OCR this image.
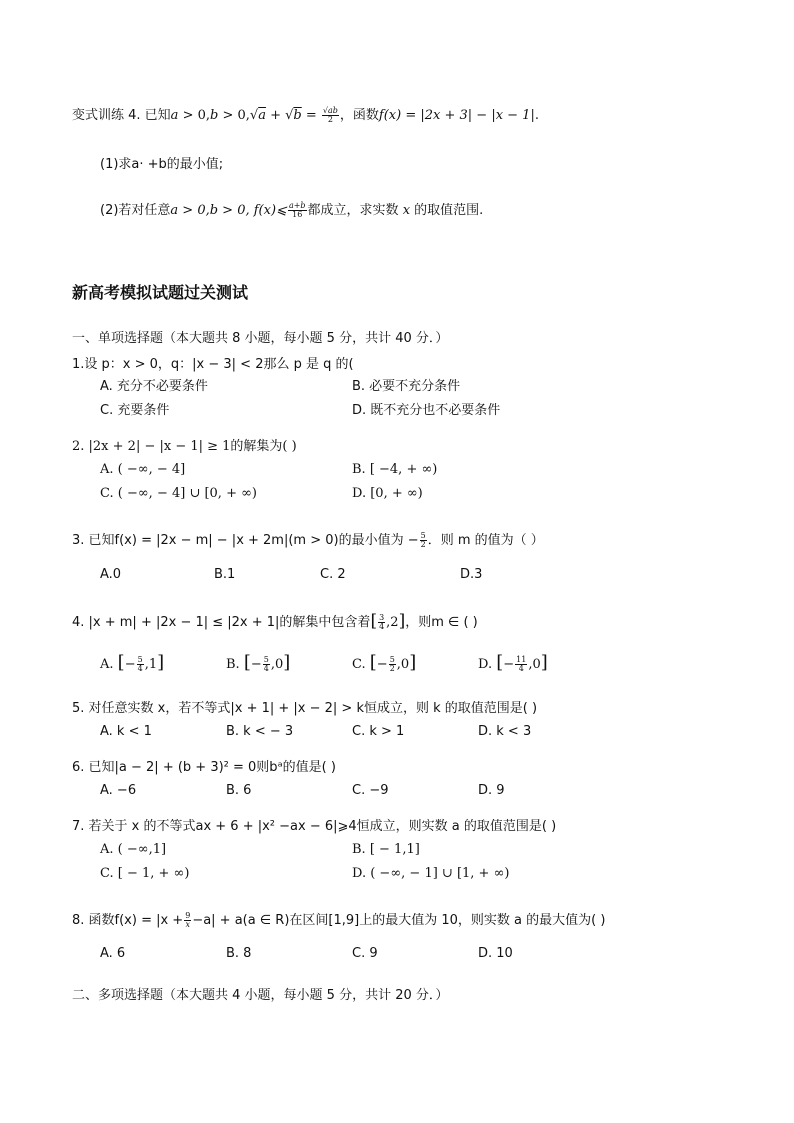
变式训练 4. 已知$a > 0,b > 0,√a + √b = \frac{√ab}{2}$ ，函数f(x) = |2x + 3| − |x − 1|.
(1)求a· +b的最小值;
(2)若对任意a > 0,b > 0, f(x)⩽ $\frac{a+b}{16}$ 都成立，求实数 x 的取值范围.
新高考模拟试题过关测试
一、单项选择题（本大题共 8 小题，每小题 5 分，共计 40 分．）
1.设 p：x > 0，q：|x − 3| < 2那么 p 是 q 的(
A. 充分不必要条件	B. 必要不充分条件
C. 充要条件	D. 既不充分也不必要条件
2. |2x + 2| − |x − 1| ≥ 1的解集为( )
A. ( −∞, − 4]	B. [ −4, + ∞)
C. ( −∞, − 4] ∪ [0, + ∞)	D. [0, + ∞)
3. 已知f(x) = |2x − m| − |x + 2m|(m > 0)的最小值为 − $\frac{5}{2}$ ．则 m 的值为（ ）
A.0	B.1	C. 2	D.3
4. |x + m| + |2x − 1| ≤ |2x + 1|的解集中包含着[ $\frac{3}{4} ,2$]，则m ∈ ( )
A. [− $\frac{5}{4} ,1$]	B. [− $\frac{5}{4} ,0$]	C. [− $\frac{5}{2} ,0$]	D. [− $\frac{11}{4} ,0$]
5. 对任意实数 x，若不等式|x + 1| + |x − 2| > k恒成立，则 k 的取值范围是( )
A. k < 1	B. k < − 3	C. k > 1	D. k < 3
6. 已知|a − 2| + (b + 3)² = 0则bᵃ的值是( )
A. −6	B. 6	C. −9	D. 9
7. 若关于 x 的不等式ax + 6 + |x² −ax − 6|⩾4恒成立，则实数 a 的取值范围是( )
A. ( −∞,1]	B. [ − 1,1]
C. [ − 1, + ∞)	D. ( −∞, − 1] ∪ [1, + ∞)
8. 函数$f(x) = |x + \frac{9}{x} -a| + a(a$ ∈ R)在区间[1,9]上的最大值为 10，则实数 a 的最大值为( )
A. 6	B. 8	C. 9	D. 10
二、多项选择题（本大题共 4 小题，每小题 5 分，共计 20 分．）
